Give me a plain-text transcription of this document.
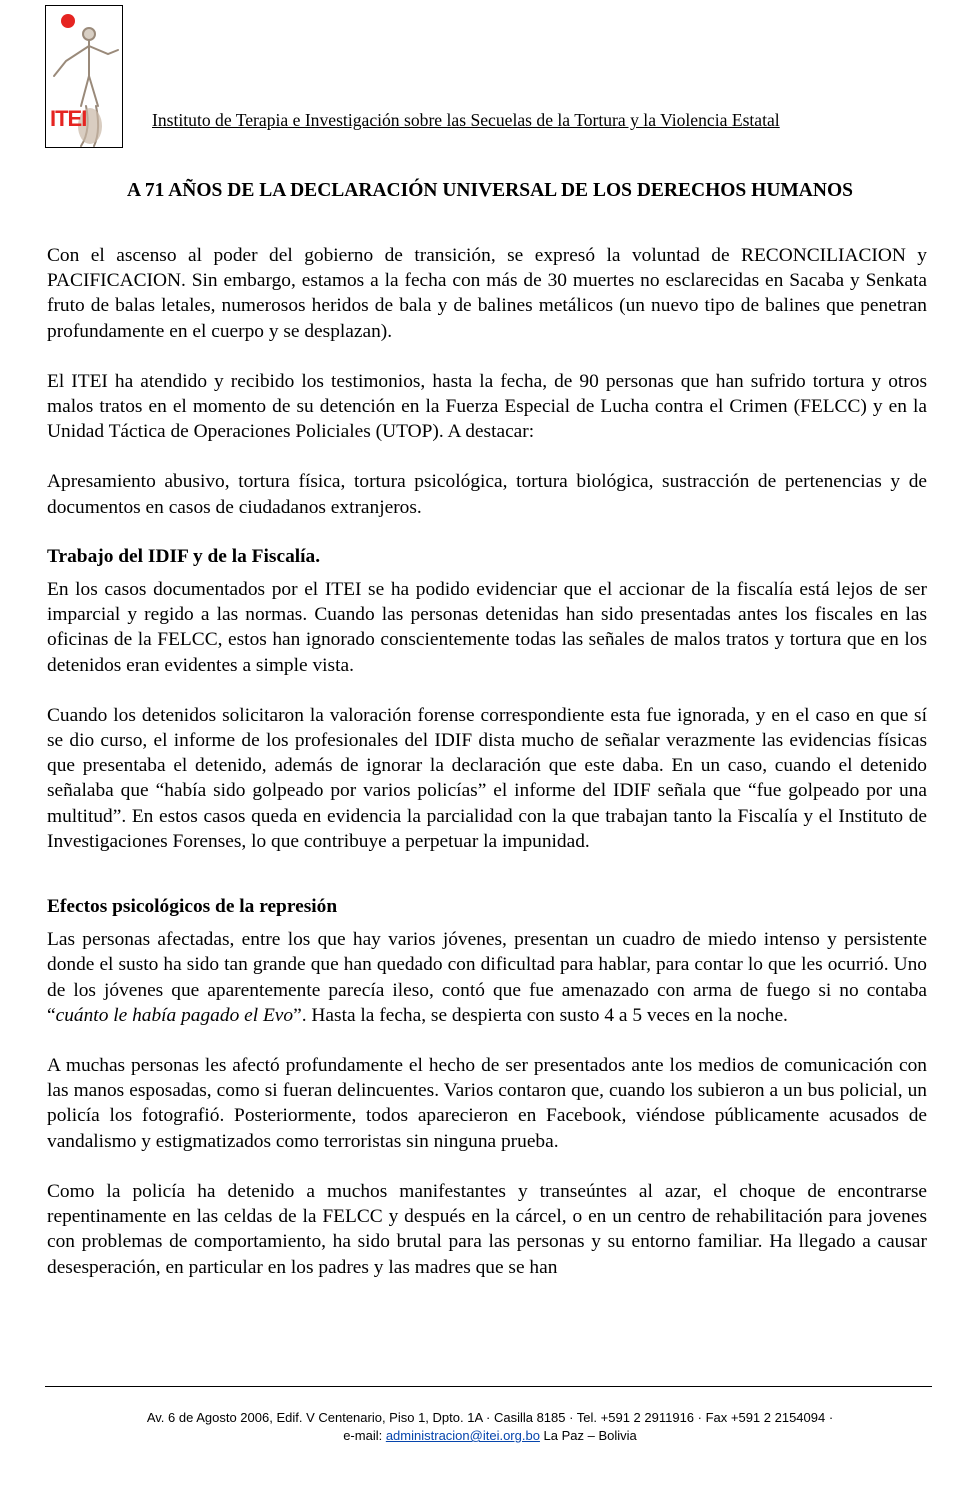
ITEI	Instituto de Terapia e Investigación sobre las Secuelas de la Tortura y la Violencia Estatal
A 71 AÑOS DE LA DECLARACIÓN UNIVERSAL DE LOS DERECHOS HUMANOS

Con el ascenso al poder del gobierno de transición, se expresó la voluntad de RECONCILIACION y PACIFICACION. Sin embargo, estamos a la fecha con más de 30 muertes no esclarecidas en Sacaba y Senkata fruto de balas letales, numerosos heridos de bala y de balines metálicos (un nuevo tipo de balines que penetran profundamente en el cuerpo y se desplazan).

El ITEI ha atendido y recibido los testimonios, hasta la fecha, de 90 personas que han sufrido tortura y otros malos tratos en el momento de su detención en la Fuerza Especial de Lucha contra el Crimen (FELCC) y en la Unidad Táctica de Operaciones Policiales (UTOP). A destacar:

Apresamiento abusivo, tortura física, tortura psicológica, tortura biológica, sustracción de pertenencias y de documentos en casos de ciudadanos extranjeros.

Trabajo del IDIF y de la Fiscalía.

En los casos documentados por el ITEI se ha podido evidenciar que el accionar de la fiscalía está lejos de ser imparcial y regido a las normas. Cuando las personas detenidas han sido presentadas antes los fiscales en las oficinas de la FELCC, estos han ignorado conscientemente todas las señales de malos tratos y tortura que en los detenidos eran evidentes a simple vista.

Cuando los detenidos solicitaron la valoración forense correspondiente esta fue ignorada, y en el caso en que sí se dio curso, el informe de los profesionales del IDIF dista mucho de señalar verazmente las evidencias físicas que presentaba el detenido, además de ignorar la declaración que este daba. En un caso, cuando el detenido señalaba que “había sido golpeado por varios policías” el informe del IDIF señala que “fue golpeado por una multitud”. En estos casos queda en evidencia la parcialidad con la que trabajan tanto la Fiscalía y el Instituto de Investigaciones Forenses, lo que contribuye a perpetuar la impunidad.

Efectos psicológicos de la represión

Las personas afectadas, entre los que hay varios jóvenes, presentan un cuadro de miedo intenso y persistente donde el susto ha sido tan grande que han quedado con dificultad para hablar, para contar lo que les ocurrió. Uno de los jóvenes que aparentemente parecía ileso, contó que fue amenazado con arma de fuego si no contaba “cuánto le había pagado el Evo”. Hasta la fecha, se despierta con susto 4 a 5 veces en la noche.

A muchas personas les afectó profundamente el hecho de ser presentados ante los medios de comunicación con las manos esposadas, como si fueran delincuentes. Varios contaron que, cuando los subieron a un bus policial, un policía los fotografió. Posteriormente, todos aparecieron en Facebook, viéndose públicamente acusados de vandalismo y estigmatizados como terroristas sin ninguna prueba.

Como la policía ha detenido a muchos manifestantes y transeúntes al azar, el choque de encontrarse repentinamente en las celdas de la FELCC y después en la cárcel, o en un centro de rehabilitación para jovenes con problemas de comportamiento, ha sido brutal para las personas y su entorno familiar. Ha llegado a causar desesperación, en particular en los padres y las madres que se han

Av. 6 de Agosto 2006, Edif. V Centenario, Piso 1, Dpto. 1A · Casilla 8185 · Tel. +591 2 2911916 · Fax +591 2 2154094 ·
e-mail: administracion@itei.org.bo La Paz – Bolivia
